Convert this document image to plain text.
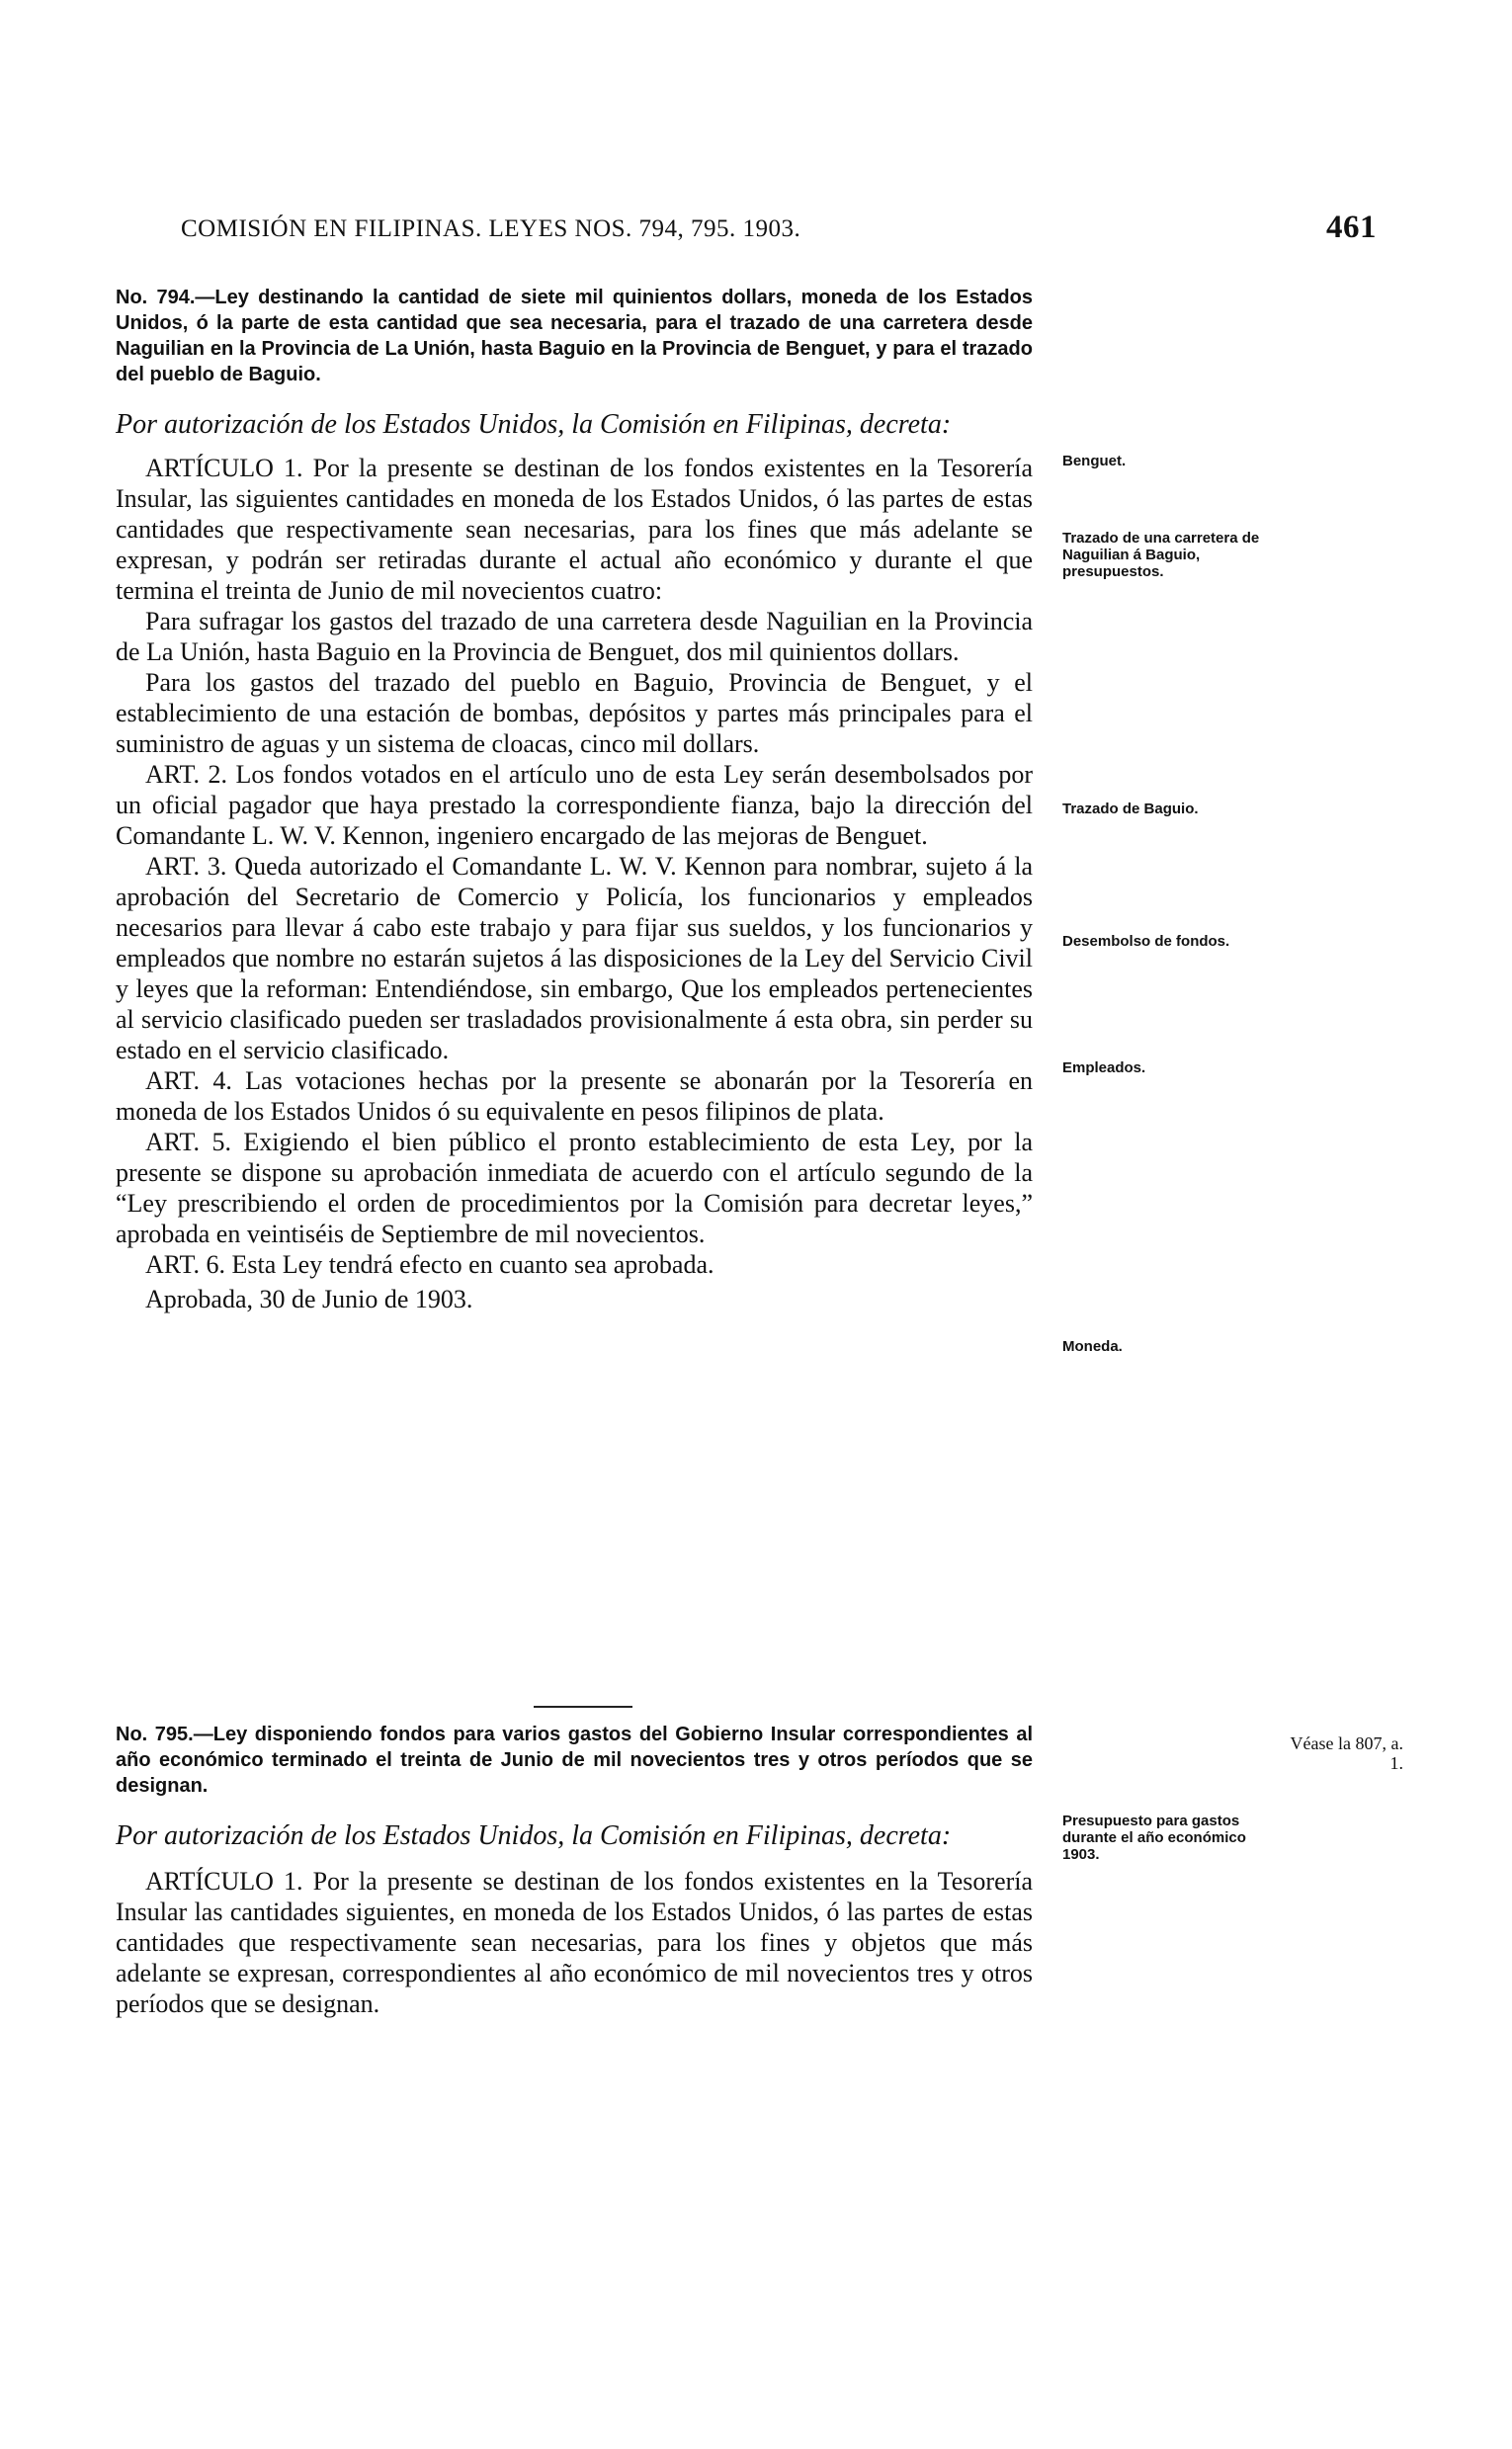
COMISIÓN EN FILIPINAS. LEYES NOS. 794, 795. 1903.	461

No. 794.—Ley destinando la cantidad de siete mil quinientos dollars, moneda de los Estados Unidos, ó la parte de esta cantidad que sea necesaria, para el trazado de una carretera desde Naguilian en la Provincia de La Unión, hasta Baguio en la Provincia de Benguet, y para el trazado del pueblo de Baguio.

Por autorización de los Estados Unidos, la Comisión en Filipinas, decreta:

ARTÍCULO 1. Por la presente se destinan de los fondos existentes en la Tesorería Insular, las siguientes cantidades en moneda de los Estados Unidos, ó las partes de estas cantidades que respectivamente sean necesarias, para los fines que más adelante se expresan, y podrán ser retiradas durante el actual año económico y durante el que termina el treinta de Junio de mil novecientos cuatro:

Para sufragar los gastos del trazado de una carretera desde Naguilian en la Provincia de La Unión, hasta Baguio en la Provincia de Benguet, dos mil quinientos dollars.

Para los gastos del trazado del pueblo en Baguio, Provincia de Benguet, y el establecimiento de una estación de bombas, depósitos y partes más principales para el suministro de aguas y un sistema de cloacas, cinco mil dollars.

ART. 2. Los fondos votados en el artículo uno de esta Ley serán desembolsados por un oficial pagador que haya prestado la correspondiente fianza, bajo la dirección del Comandante L. W. V. Kennon, ingeniero encargado de las mejoras de Benguet.

ART. 3. Queda autorizado el Comandante L. W. V. Kennon para nombrar, sujeto á la aprobación del Secretario de Comercio y Policía, los funcionarios y empleados necesarios para llevar á cabo este trabajo y para fijar sus sueldos, y los funcionarios y empleados que nombre no estarán sujetos á las disposiciones de la Ley del Servicio Civil y leyes que la reforman: Entendiéndose, sin embargo, Que los empleados pertenecientes al servicio clasificado pueden ser trasladados provisionalmente á esta obra, sin perder su estado en el servicio clasificado.

ART. 4. Las votaciones hechas por la presente se abonarán por la Tesorería en moneda de los Estados Unidos ó su equivalente en pesos filipinos de plata.

ART. 5. Exigiendo el bien público el pronto establecimiento de esta Ley, por la presente se dispone su aprobación inmediata de acuerdo con el artículo segundo de la “Ley prescribiendo el orden de procedimientos por la Comisión para decretar leyes,” aprobada en veintiséis de Septiembre de mil novecientos.

ART. 6. Esta Ley tendrá efecto en cuanto sea aprobada.

Aprobada, 30 de Junio de 1903.

No. 795.—Ley disponiendo fondos para varios gastos del Gobierno Insular correspondientes al año económico terminado el treinta de Junio de mil novecientos tres y otros períodos que se designan.

Por autorización de los Estados Unidos, la Comisión en Filipinas, decreta:

ARTÍCULO 1. Por la presente se destinan de los fondos existentes en la Tesorería Insular las cantidades siguientes, en moneda de los Estados Unidos, ó las partes de estas cantidades que respectivamente sean necesarias, para los fines y objetos que más adelante se expresan, correspondientes al año económico de mil novecientos tres y otros períodos que se designan.

Benguet.
Trazado de una carretera de Naguilian á Baguio, presupuestos.
Trazado de Baguio.
Desembolso de fondos.
Empleados.
Moneda.
Presupuesto para gastos durante el año económico 1903.
Véase la 807, a. 1.
